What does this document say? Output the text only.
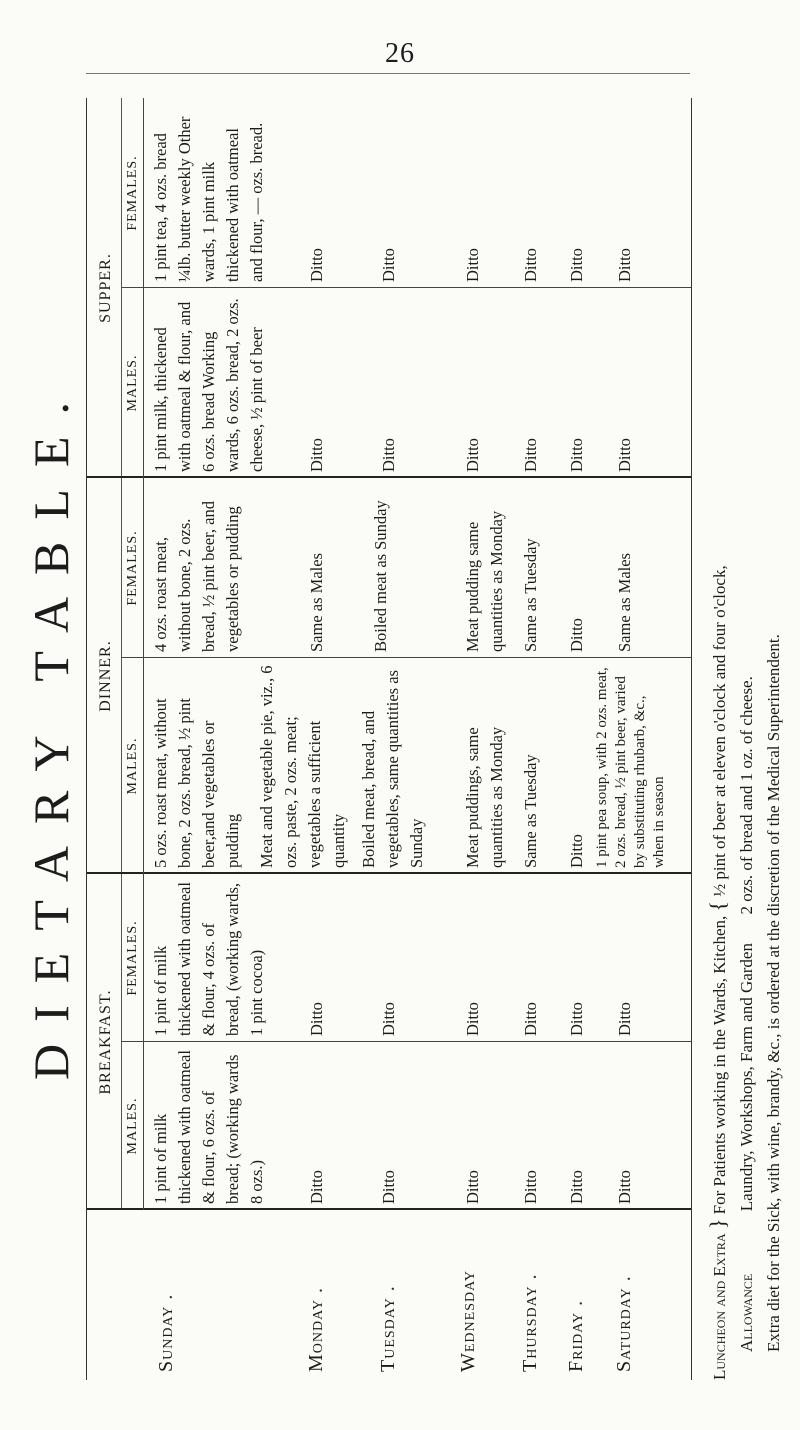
26
DIETARY TABLE.	BREAKFAST.
DINNER.
SUPPER.
MALES.
FEMALES.
MALES.
FEMALES.
MALES.
FEMALES.
Sunday .
1 pint of milk thickened with oatmeal & flour, 6 ozs. of bread; (working wards 8 ozs.)
1 pint of milk thickened with oatmeal & flour, 4 ozs. of bread, (working wards, 1 pint cocoa)
5 ozs. roast meat, without bone, 2 ozs. bread, ½ pint beer,and vegetables or pudding
4 ozs. roast meat, without bone, 2 ozs. bread, ½ pint beer, and vegetables or pudding
1 pint milk, thickened with oatmeal & flour, and 6 ozs. bread Working wards, 6 ozs. bread, 2 ozs. cheese, ½ pint of beer
1 pint tea, 4 ozs. bread ¼lb. butter weekly Other wards, 1 pint milk thickened with oatmeal and flour, — ozs. bread.
Monday .
Ditto
Ditto
Meat and vegetable pie, viz., 6 ozs. paste, 2 ozs. meat; vegetables a sufficient quantity
Same as Males
Ditto
Ditto
Tuesday .
Ditto
Ditto
Boiled meat, bread, and vegetables, same quantities as Sunday
Boiled meat as Sunday
Ditto
Ditto
Wednesday
Ditto
Ditto
Meat puddings, same quantities as Monday
Meat pudding same quantities as Monday
Ditto
Ditto
Thursday .
Ditto
Ditto
Same as Tuesday
Same as Tuesday
Ditto
Ditto
Friday .
Ditto
Ditto
Ditto
Ditto
Ditto
Ditto
Saturday .
Ditto
Ditto
1 pint pea soup, with 2 ozs. meat, 2 ozs. bread, ½ pint beer, varied by substituting rhubarb, &c., when in season
Same as Males
Ditto
Ditto
Luncheon and Extra } For Patients working in the Wards, Kitchen, { ½ pint of beer at eleven o'clock and four o'clock,
Allowance  Laundry, Workshops, Farm and Garden  2 ozs. of bread and 1 oz. of cheese. Extra diet for the Sick, with wine, brandy, &c., is ordered at the discretion of the Medical Superintendent.
